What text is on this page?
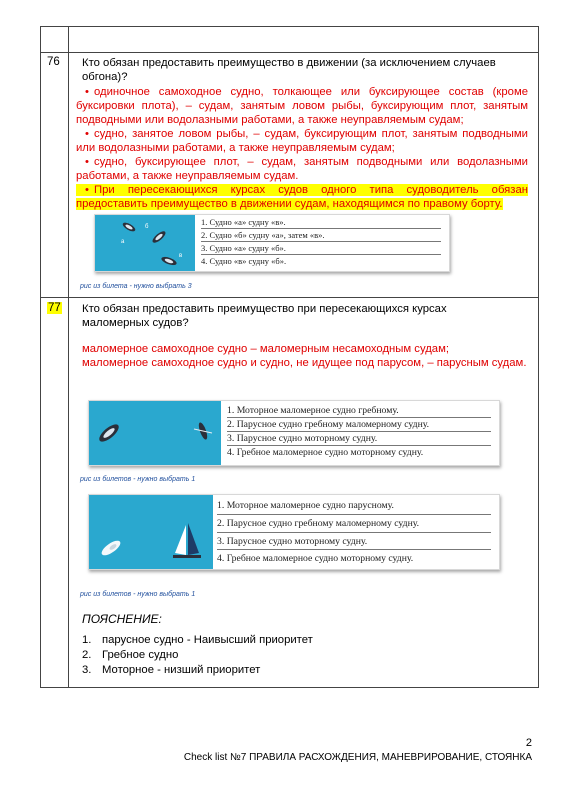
76 Кто обязан предоставить преимущество в движении (за исключением случаев обгона)?
• одиночное самоходное судно, толкающее или буксирующее состав (кроме буксировки плота), – судам, занятым ловом рыбы, буксирующим плот, занятым подводными или водолазными работами, а также неуправляемым судам;
• судно, занятое ловом рыбы, – судам, буксирующим плот, занятым подводными или водолазными работами, а также неуправляемым судам;
• судно, буксирующее плот, – судам, занятым подводными или водолазными работами, а также неуправляемым судам.
• При пересекающихся курсах судов одного типа судоводитель обязан предоставить преимущество в движении судам, находящимся по правому борту.
б
а
в
1. Судно «а» судну «в».
2. Судно «б» судну «а», затем «в».
3. Судно «а» судну «б».
4. Судно «в» судну «б».
рис из билета - нужно выбрать 3
77 Кто обязан предоставить преимущество при пересекающихся курсах маломерных судов?
маломерное самоходное судно – маломерным несамоходным судам;
маломерное самоходное судно и судно, не идущее под парусом, – парусным судам.
1. Моторное маломерное судно гребному.
2. Парусное судно гребному маломерному судну.
3. Парусное судно моторному судну.
4. Гребное маломерное судно моторному судну.
рис из билетов - нужно выбрать 1
1. Моторное маломерное судно парусному.
2. Парусное судно гребному маломерному судну.
3. Парусное судно моторному судну.
4. Гребное маломерное судно моторному судну.
рис из билетов - нужно выбрать 1
ПОЯСНЕНИЕ:
1. парусное судно - Наивысший приоритет
2. Гребное судно
3. Моторное - низший приоритет
2
Check list №7 ПРАВИЛА РАСХОЖДЕНИЯ, МАНЕВРИРОВАНИЕ, СТОЯНКА
